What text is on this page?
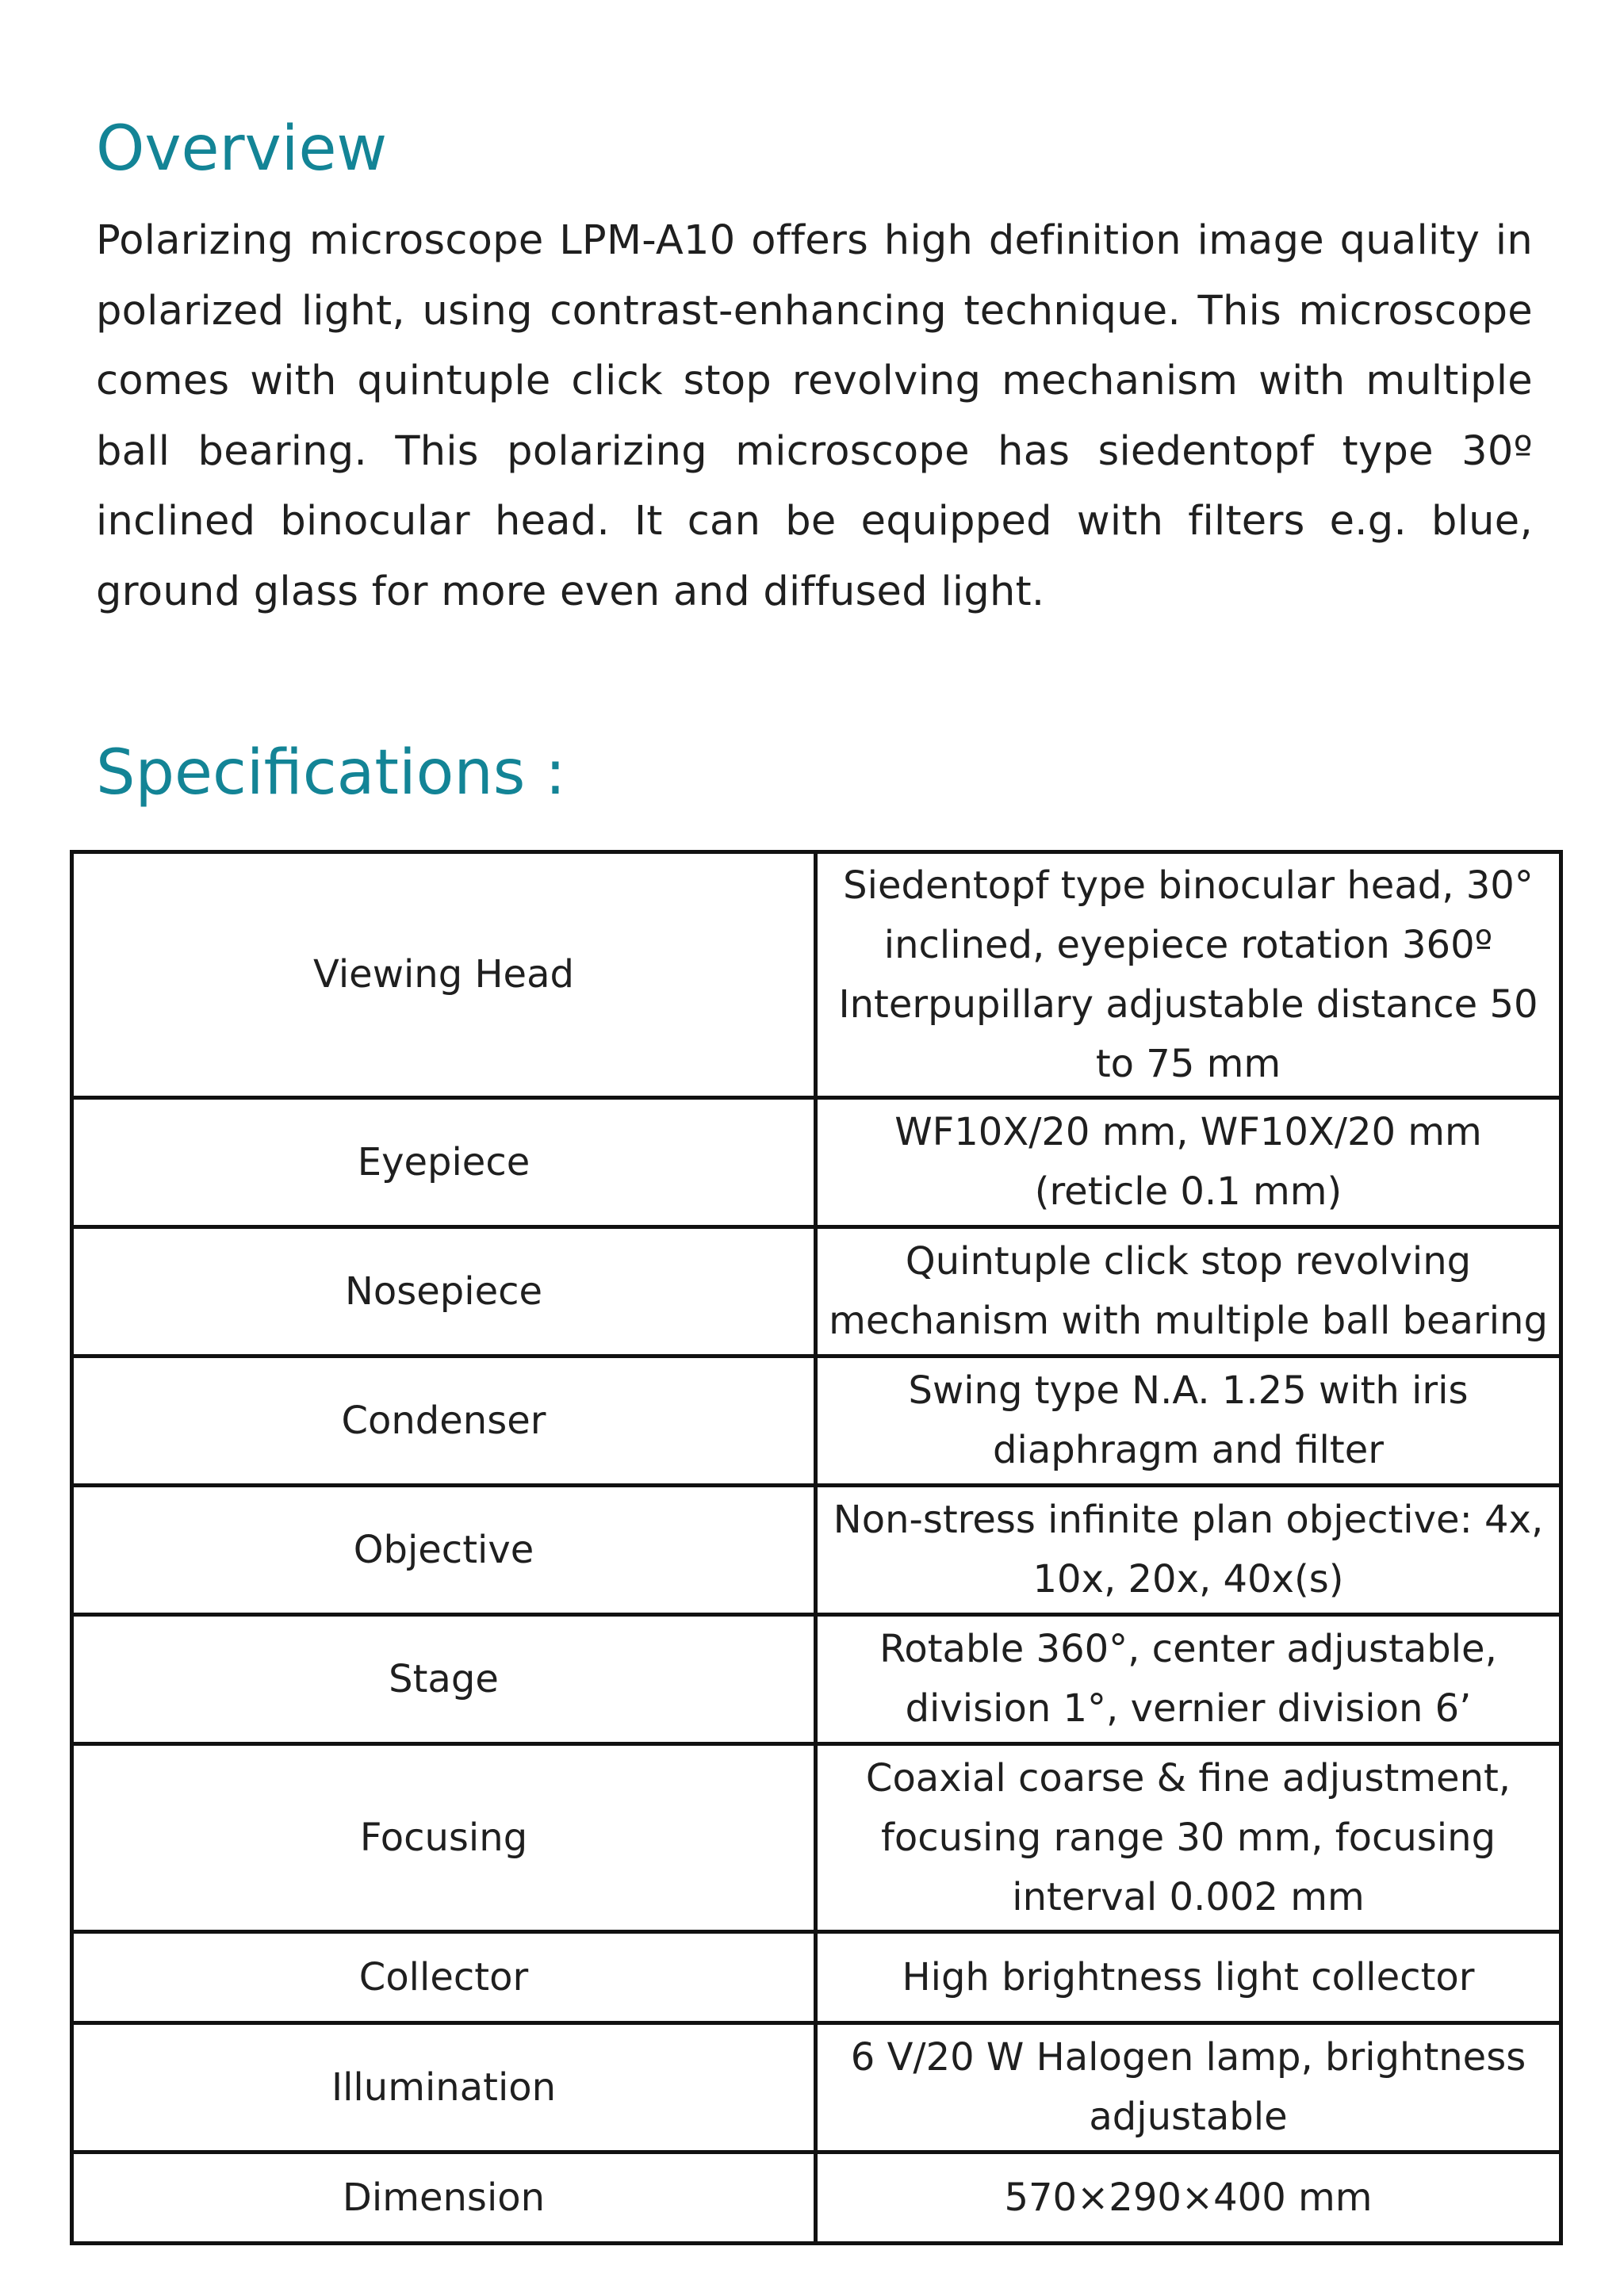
Overview

Polarizing microscope LPM-A10 offers high definition image quality in polarized light, using contrast-enhancing technique. This microscope comes with quintuple click stop revolving mechanism with multiple ball bearing. This polarizing microscope has siedentopf type 30º inclined binocular head. It can be equipped with filters e.g. blue, ground glass for more even and diffused light.

Specifications :
Viewing Head	Siedentopf type binocular head, 30° inclined, eyepiece rotation 360º Interpupillary adjustable distance 50 to 75 mm
Eyepiece	WF10X/20 mm, WF10X/20 mm (reticle 0.1 mm)
Nosepiece	Quintuple click stop revolving mechanism with multiple ball bearing
Condenser	Swing type N.A. 1.25 with iris diaphragm and filter
Objective	Non-stress infinite plan objective: 4x, 10x, 20x, 40x(s)
Stage	Rotable 360°, center adjustable, division 1°, vernier division 6’
Focusing	Coaxial coarse & fine adjustment, focusing range 30 mm, focusing interval 0.002 mm
Collector	High brightness light collector
Illumination	6 V/20 W Halogen lamp, brightness adjustable
Dimension	570×290×400 mm
